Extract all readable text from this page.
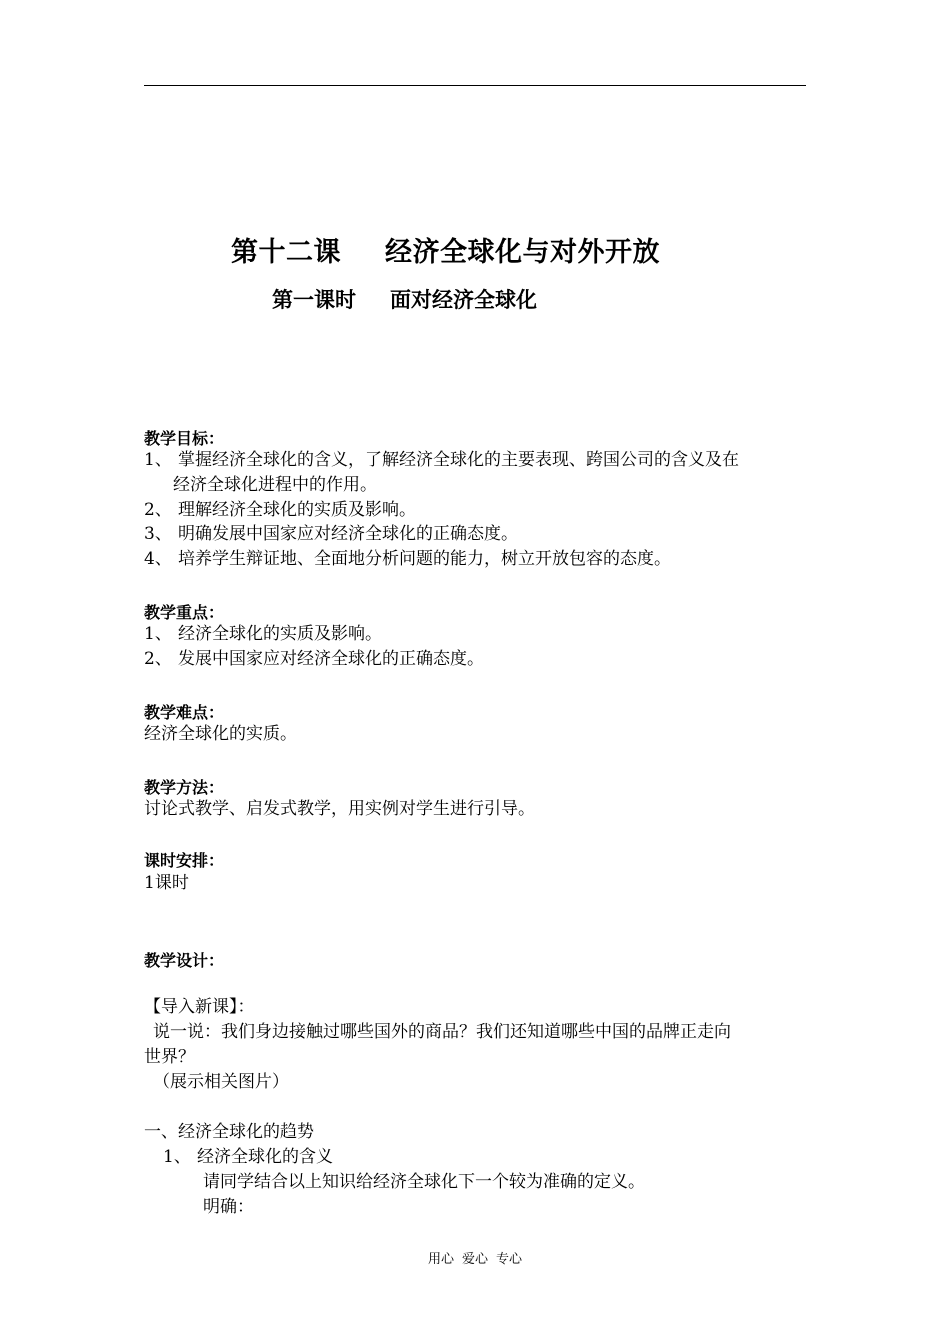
第十二课 经济全球化与对外开放
第一课时 面对经济全球化
教学目标：
1、 掌握经济全球化的含义，了解经济全球化的主要表现、跨国公司的含义及在
经济全球化进程中的作用。
2、 理解经济全球化的实质及影响。
3、 明确发展中国家应对经济全球化的正确态度。
4、 培养学生辩证地、全面地分析问题的能力，树立开放包容的态度。
教学重点：
1、 经济全球化的实质及影响。
2、 发展中国家应对经济全球化的正确态度。
教学难点：
经济全球化的实质。
教学方法：
讨论式教学、启发式教学，用实例对学生进行引导。
课时安排：
1课时
教学设计：
【导入新课】：
说一说：我们身边接触过哪些国外的商品？我们还知道哪些中国的品牌正走向
世界？
（展示相关图片）
一、经济全球化的趋势
1、 经济全球化的含义
请同学结合以上知识给经济全球化下一个较为准确的定义。
明确：
用心 爱心 专心
